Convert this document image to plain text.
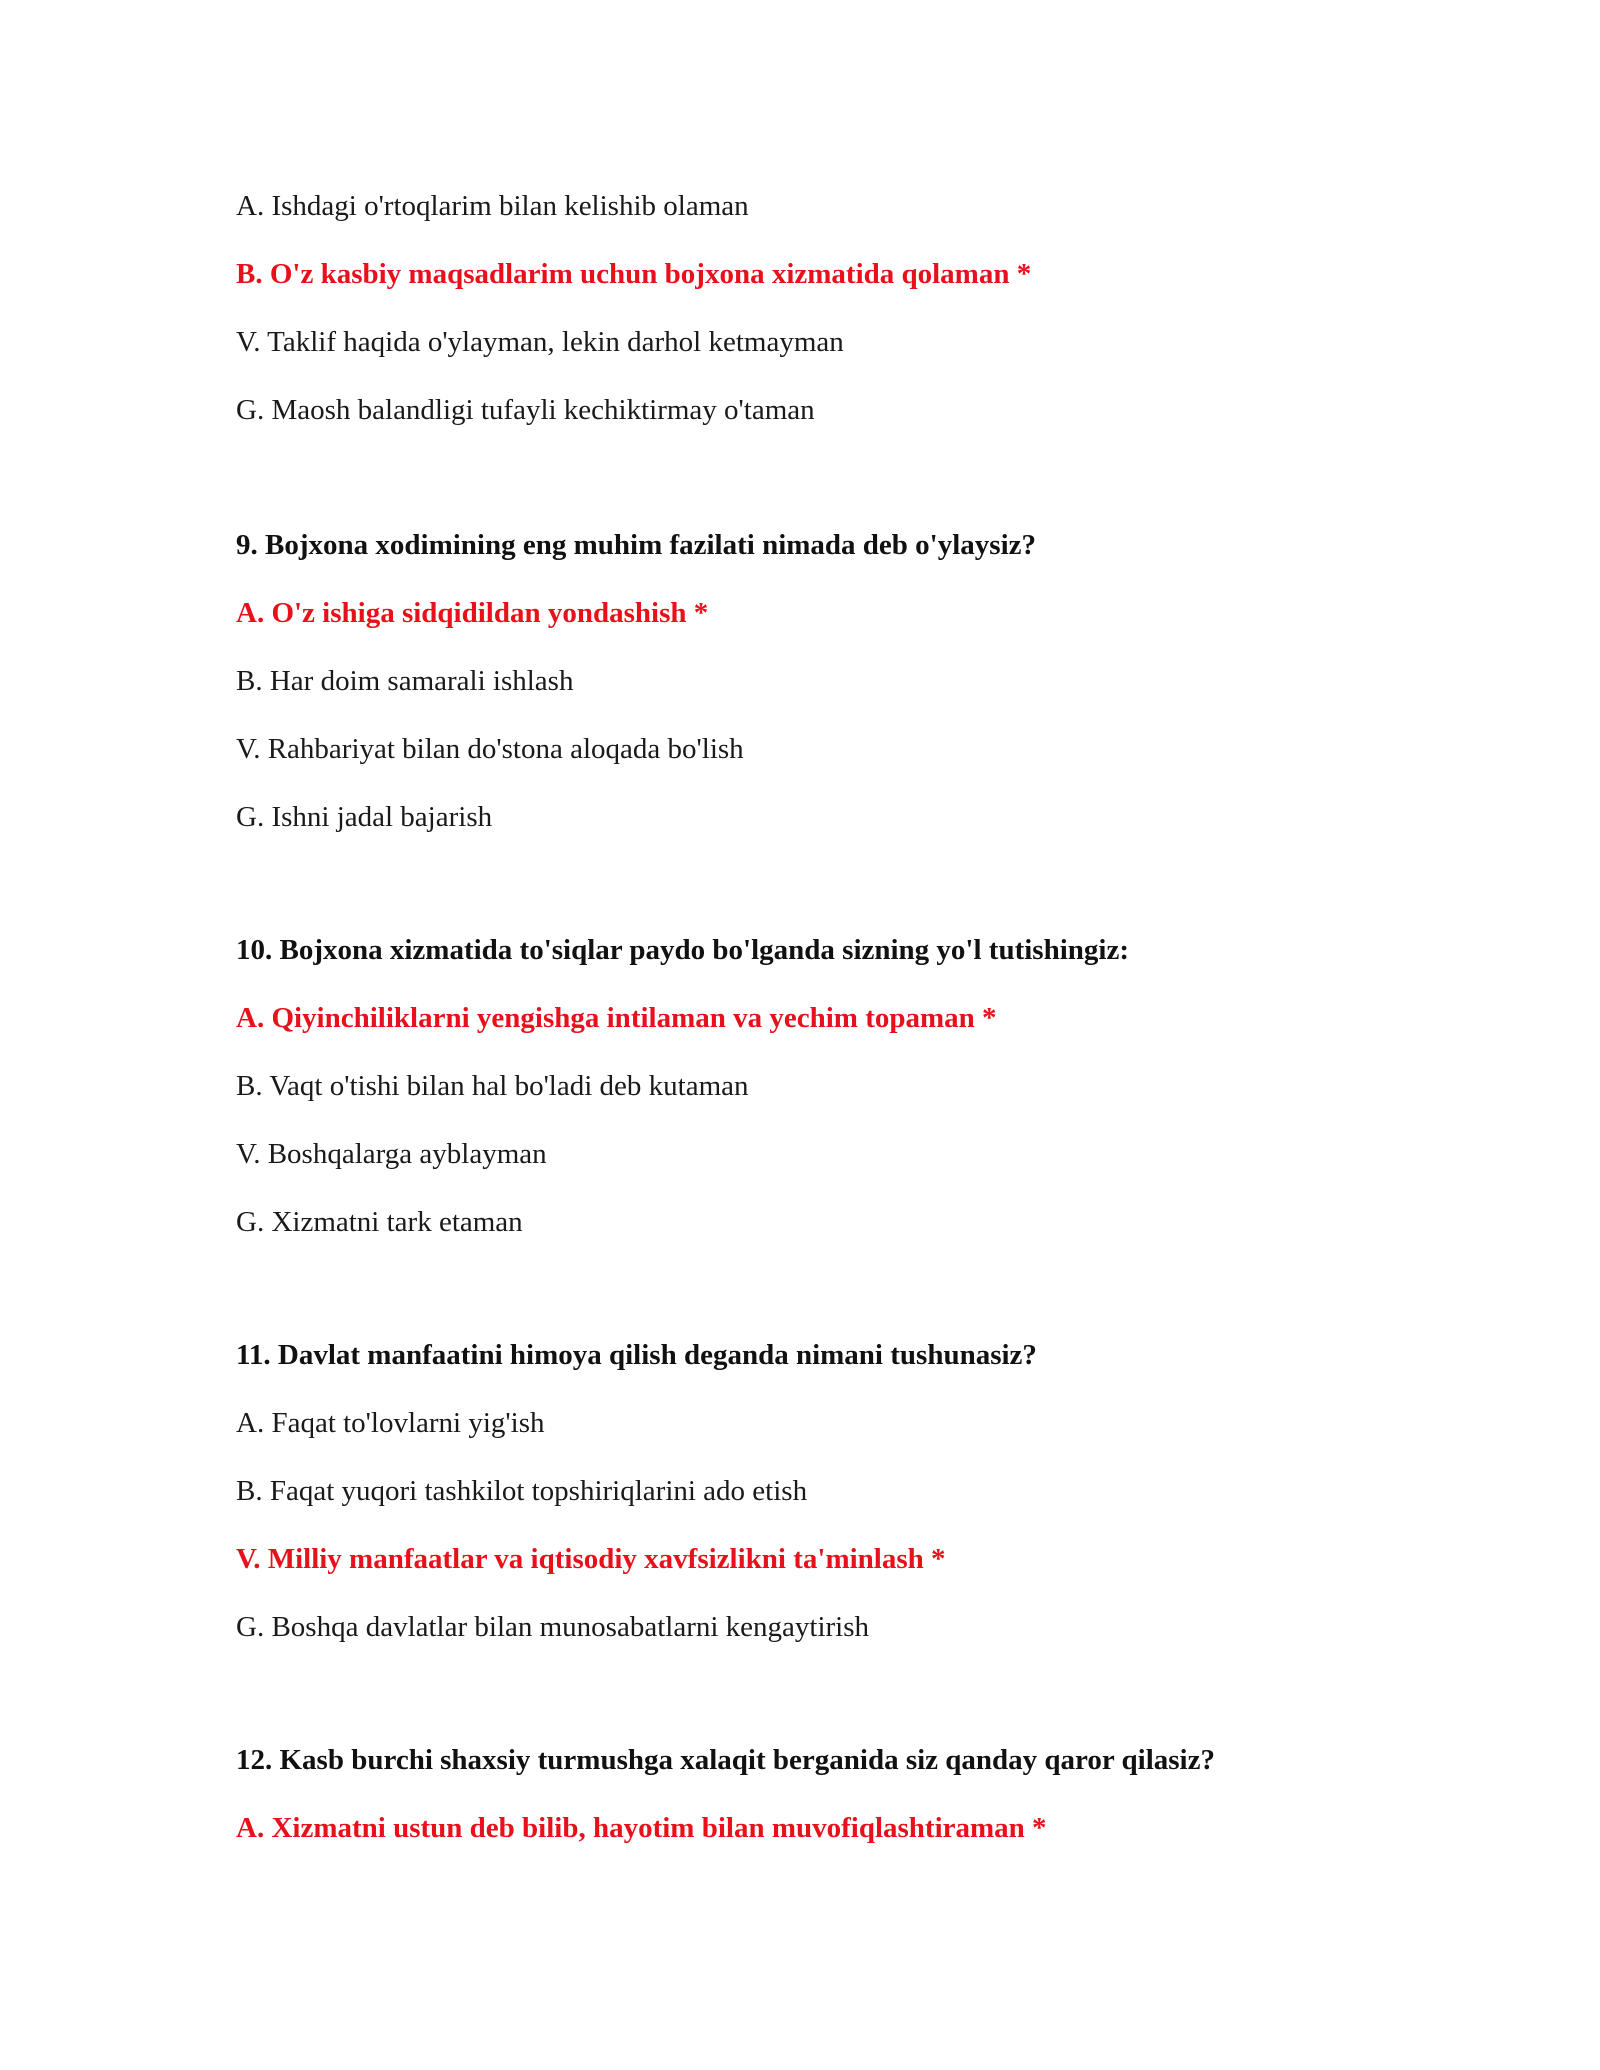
A. Ishdagi o'rtoqlarim bilan kelishib olaman
B. O'z kasbiy maqsadlarim uchun bojxona xizmatida qolaman *
V. Taklif haqida o'ylayman, lekin darhol ketmayman
G. Maosh balandligi tufayli kechiktirmay o'taman
9. Bojxona xodimining eng muhim fazilati nimada deb o'ylaysiz?
A. O'z ishiga sidqidildan yondashish *
B. Har doim samarali ishlash
V. Rahbariyat bilan do'stona aloqada bo'lish
G. Ishni jadal bajarish
10. Bojxona xizmatida to'siqlar paydo bo'lganda sizning yo'l tutishingiz:
A. Qiyinchiliklarni yengishga intilaman va yechim topaman *
B. Vaqt o'tishi bilan hal bo'ladi deb kutaman
V. Boshqalarga ayblayman
G. Xizmatni tark etaman
11. Davlat manfaatini himoya qilish deganda nimani tushunasiz?
A. Faqat to'lovlarni yig'ish
B. Faqat yuqori tashkilot topshiriqlarini ado etish
V. Milliy manfaatlar va iqtisodiy xavfsizlikni ta'minlash *
G. Boshqa davlatlar bilan munosabatlarni kengaytirish
12. Kasb burchi shaxsiy turmushga xalaqit berganida siz qanday qaror qilasiz?
A. Xizmatni ustun deb bilib, hayotim bilan muvofiqlashtiraman *
